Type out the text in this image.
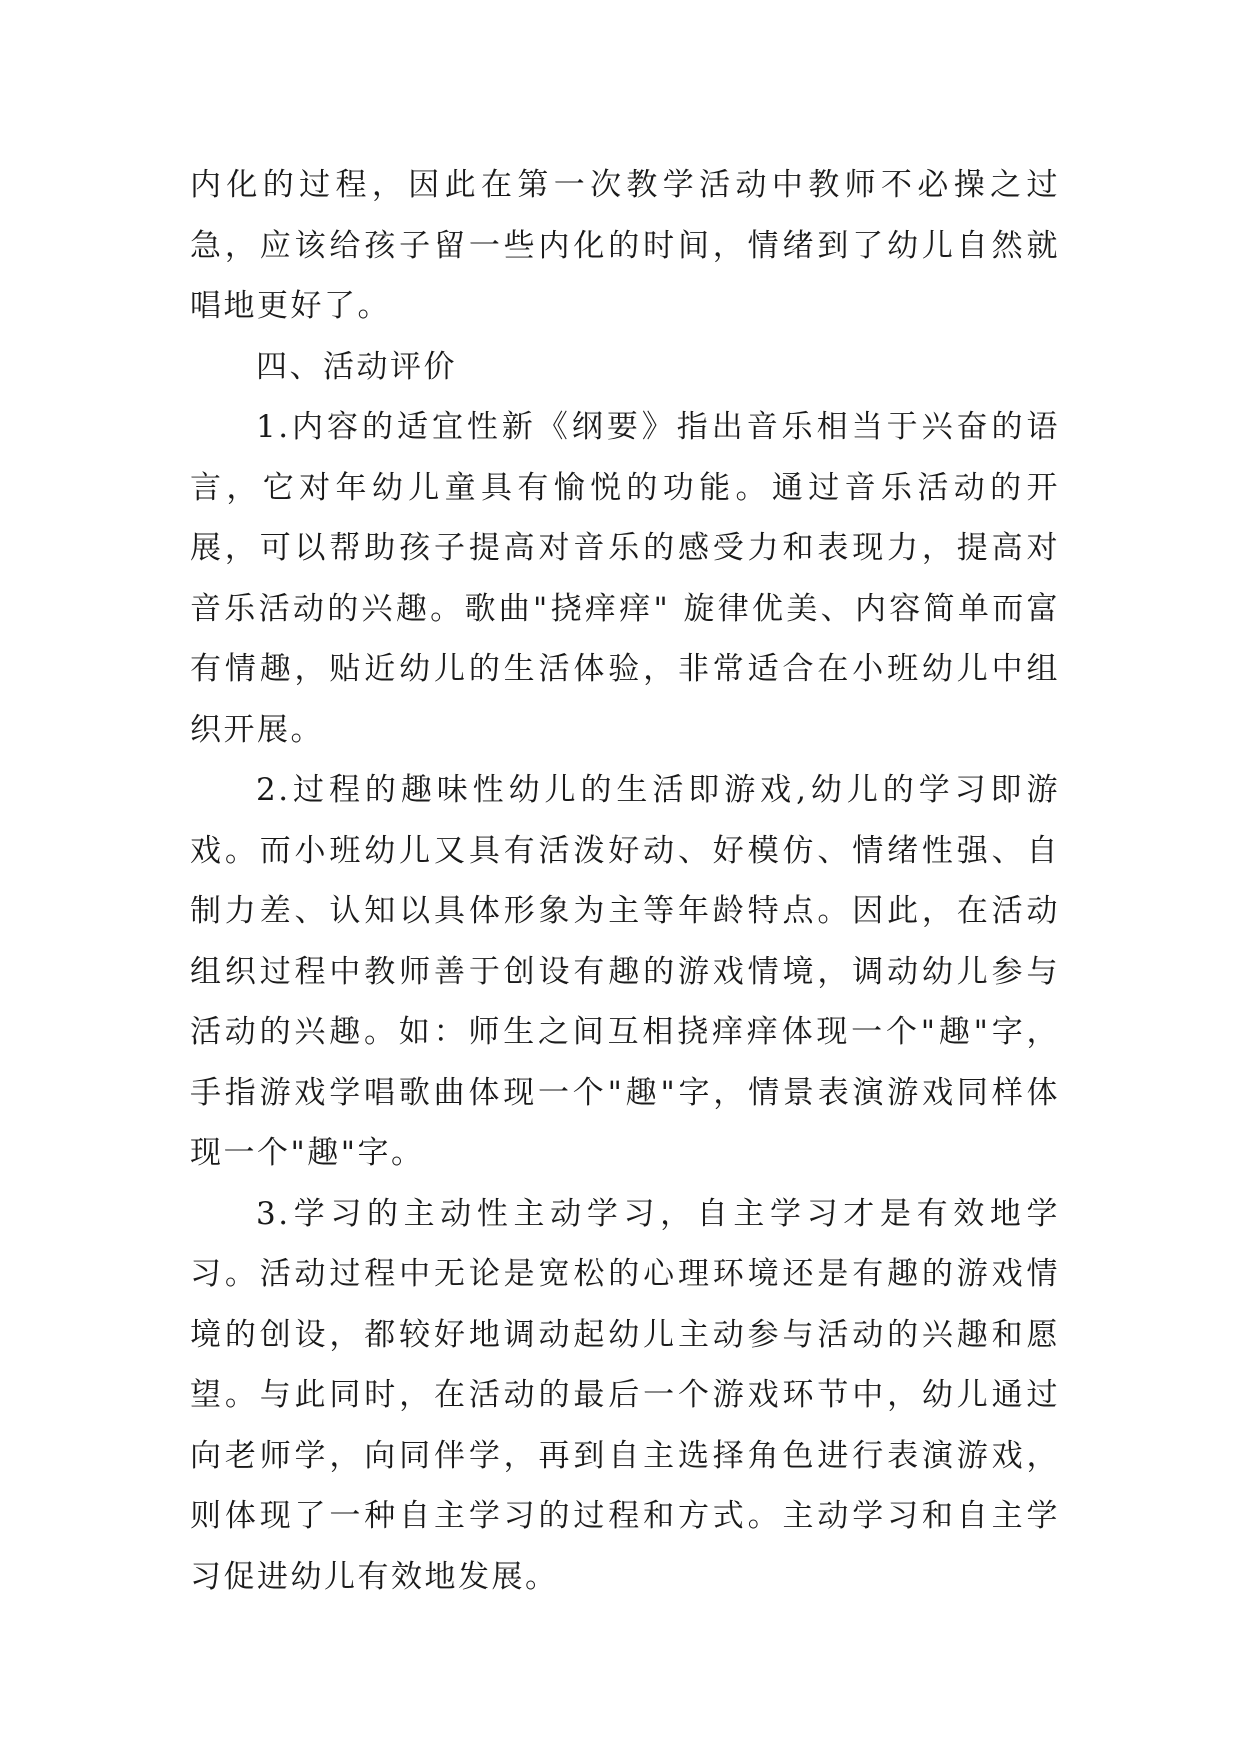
内化的过程，因此在第一次教学活动中教师不必操之过急，应该给孩子留一些内化的时间，情绪到了幼儿自然就唱地更好了。

四、活动评价

1.内容的适宜性新《纲要》指出音乐相当于兴奋的语言，它对年幼儿童具有愉悦的功能。通过音乐活动的开展，可以帮助孩子提高对音乐的感受力和表现力，提高对音乐活动的兴趣。歌曲"挠痒痒" 旋律优美、内容简单而富有情趣，贴近幼儿的生活体验，非常适合在小班幼儿中组织开展。

2.过程的趣味性幼儿的生活即游戏,幼儿的学习即游戏。而小班幼儿又具有活泼好动、好模仿、情绪性强、自制力差、认知以具体形象为主等年龄特点。因此，在活动组织过程中教师善于创设有趣的游戏情境，调动幼儿参与活动的兴趣。如：师生之间互相挠痒痒体现一个"趣"字，手指游戏学唱歌曲体现一个"趣"字，情景表演游戏同样体现一个"趣"字。

3.学习的主动性主动学习，自主学习才是有效地学习。活动过程中无论是宽松的心理环境还是有趣的游戏情境的创设，都较好地调动起幼儿主动参与活动的兴趣和愿望。与此同时，在活动的最后一个游戏环节中，幼儿通过向老师学，向同伴学，再到自主选择角色进行表演游戏，则体现了一种自主学习的过程和方式。主动学习和自主学习促进幼儿有效地发展。
